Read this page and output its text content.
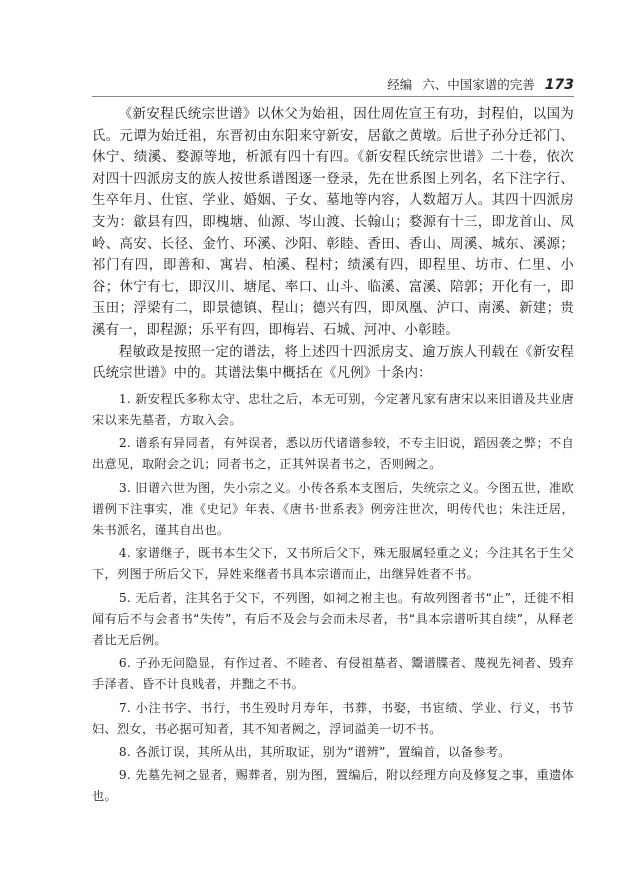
经编 六、中国家谱的完善 173

《新安程氏统宗世谱》以休父为始祖，因仕周佐宣王有功，封程伯，以国为氏。元谭为始迁祖，东晋初由东阳来守新安，居歙之黄墩。后世子孙分迁祁门、休宁、绩溪、婺源等地，析派有四十有四。《新安程氏统宗世谱》二十卷，依次对四十四派房支的族人按世系谱图逐一登录，先在世系图上列名，名下注字行、生卒年月、仕宦、学业、婚姻、子女、墓地等内容，人数超万人。其四十四派房支为：歙县有四，即槐塘、仙源、岑山渡、长翰山；婺源有十三，即龙首山、凤岭、高安、长径、金竹、环溪、沙阳、彰睦、香田、香山、周溪、城东、溪源；祁门有四，即善和、寓岩、柏溪、程村；绩溪有四，即程里、坊市、仁里、小谷；休宁有七，即汉川、塘尾、率口、山斗、临溪、富溪、陪郭；开化有一，即玉田；浮梁有二，即景德镇、程山；德兴有四，即凤凰、泸口、南溪、新建；贵溪有一，即程源；乐平有四，即梅岩、石城、河冲、小彰睦。

程敏政是按照一定的谱法，将上述四十四派房支、逾万族人刊载在《新安程氏统宗世谱》中的。其谱法集中概括在《凡例》十条内：

1. 新安程氏多称太守、忠壮之后，本无可别，今定著凡家有唐宋以来旧谱及共业唐宋以来先墓者，方取入会。

2. 谱系有异同者，有舛误者，悉以历代诸谱参较，不专主旧说，蹈因袭之弊；不自出意见，取附会之讥；同者书之，正其舛误者书之，否则阙之。

3. 旧谱六世为图，失小宗之义。小传各系本支图后，失统宗之义。今图五世，准欧谱例下注事实，准《史记》年表、《唐书·世系表》例旁注世次，明传代也；朱注迁居，朱书派名，谨其自出也。

4. 家谱继子，既书本生父下，又书所后父下，殊无服属轻重之义；今注其名于生父下，列图于所后父下，异姓来继者书具本宗谱而止，出继异姓者不书。

5. 无后者，注其名于父下，不列图，如祠之祔主也。有故列图者书“止”，迁徙不相闻有后不与会者书“失传”，有后不及会与会而未尽者，书“具本宗谱听其自续”，从释老者比无后例。

6. 子孙无问隐显，有作过者、不睦者、有侵祖墓者、鬻谱牒者、蔑视先祠者、毁弃手泽者、昏不计良贱者，并黜之不书。

7. 小注书字、书行，书生殁时月寿年，书葬，书娶，书宦绩、学业、行义，书节妇、烈女，书必据可知者，其不知者阙之，浮词溢美一切不书。

8. 各派订误，其所从出，其所取证，别为“谱辨”，置编首，以备参考。

9. 先墓先祠之显者，赐葬者，别为图，置编后，附以经理方向及修复之事，重遗体也。
